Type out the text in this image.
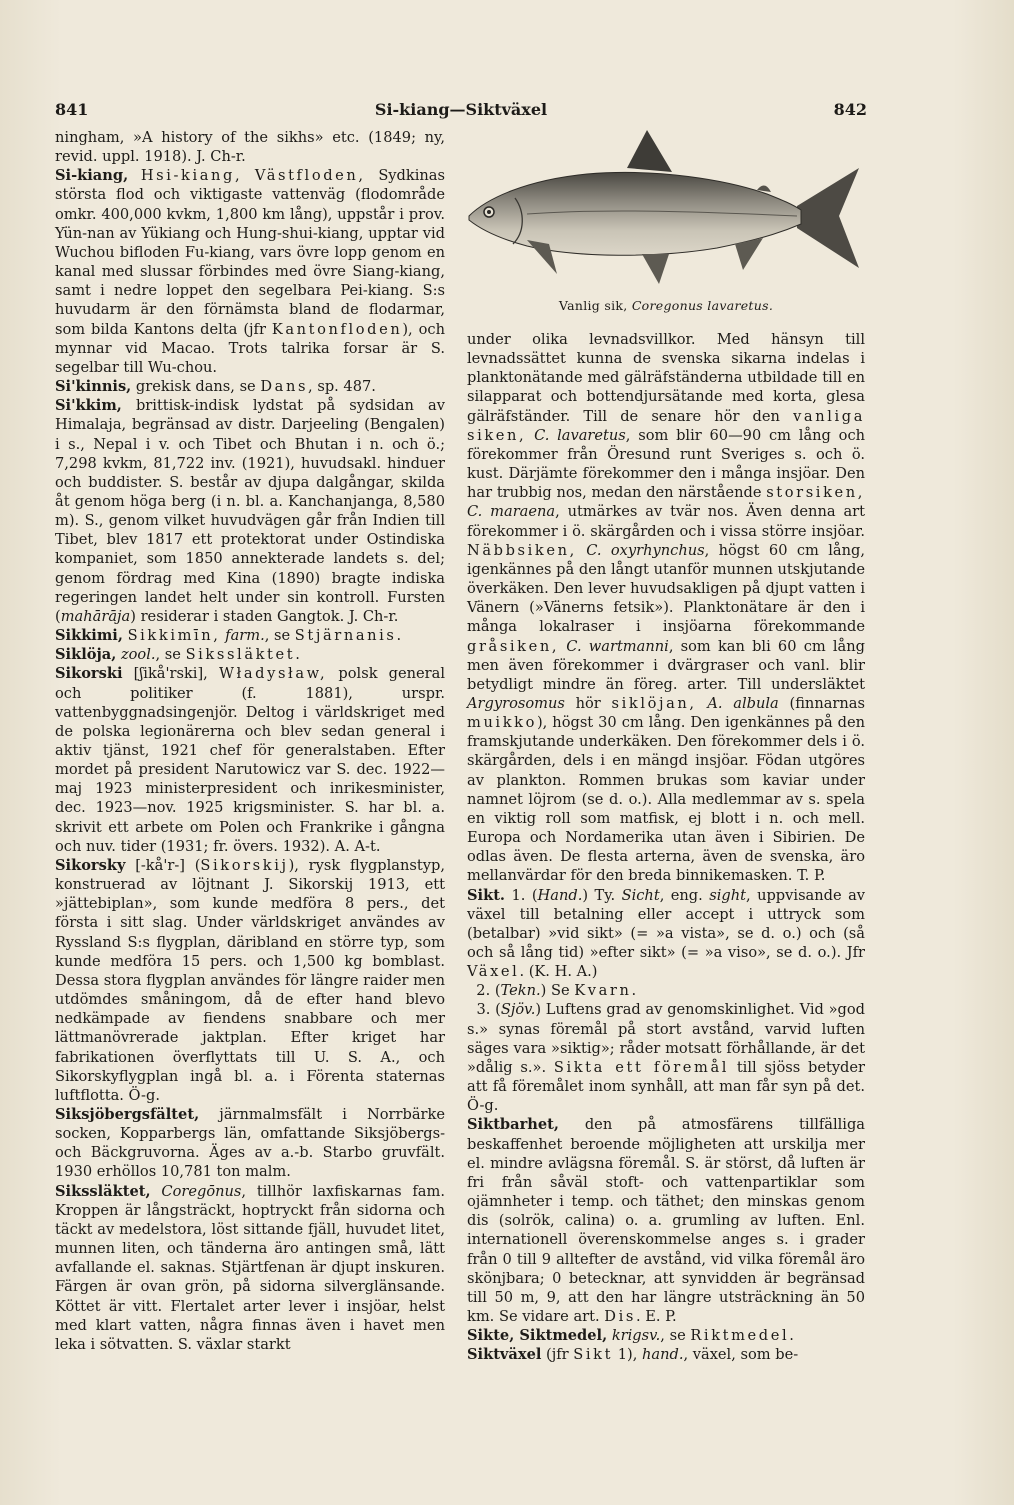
841	Si-kiang—Siktväxel	842

ningham, »A history of the sikhs» etc. (1849; ny, revid. uppl. 1918). J. Ch-r.

Si-kiang, Hsi-kiang, Västfloden, Sydkinas största flod och viktigaste vattenväg (flodområde omkr. 400,000 kvkm, 1,800 km lång), uppstår i prov. Yün-nan av Yükiang och Hung-shui-kiang, upptar vid Wuchou bifloden Fu-kiang, vars övre lopp genom en kanal med slussar förbindes med övre Siang-kiang, samt i nedre loppet den segelbara Pei-kiang. S:s huvudarm är den förnämsta bland de flodarmar, som bilda Kantons delta (jfr Kantonfloden), och mynnar vid Macao. Trots talrika forsar är S. segelbar till Wu-chou.

Si'kinnis, grekisk dans, se Dans, sp. 487.

Si'kkim, brittisk-indisk lydstat på sydsidan av Himalaja, begränsad av distr. Darjeeling (Bengalen) i s., Nepal i v. och Tibet och Bhutan i n. och ö.; 7,298 kvkm, 81,722 inv. (1921), huvudsakl. hinduer och buddister. S. består av djupa dalgångar, skilda åt genom höga berg (i n. bl. a. Kanchanjanga, 8,580 m). S., genom vilket huvudvägen går från Indien till Tibet, blev 1817 ett protektorat under Ostindiska kompaniet, som 1850 annekterade landets s. del; genom fördrag med Kina (1890) bragte indiska regeringen landet helt under sin kontroll. Fursten (mahārāja) residerar i staden Gangtok. J. Ch-r.

Sikkimi, Sikkimīn, farm., se Stjärnanis.

Siklöja, zool., se Sikssläktet.

Sikorski [ʃikå'rski], Władysław, polsk general och politiker (f. 1881), urspr. vattenbyggnadsingenjör. Deltog i världskriget med de polska legionärerna och blev sedan general i aktiv tjänst, 1921 chef för generalstaben. Efter mordet på president Narutowicz var S. dec. 1922—maj 1923 ministerpresident och inrikesminister, dec. 1923—nov. 1925 krigsminister. S. har bl. a. skrivit ett arbete om Polen och Frankrike i gångna och nuv. tider (1931; fr. övers. 1932). A. A-t.

Sikorsky [-kå'r-] (Sikorskij), rysk flygplanstyp, konstruerad av löjtnant J. Sikorskij 1913, ett »jättebiplan», som kunde medföra 8 pers., det första i sitt slag. Under världskriget användes av Ryssland S:s flygplan, däribland en större typ, som kunde medföra 15 pers. och 1,500 kg bomblast. Dessa stora flygplan användes för längre raider men utdömdes småningom, då de efter hand blevo nedkämpade av fiendens snabbare och mer lättmanövrerade jaktplan. Efter kriget har fabrikationen överflyttats till U. S. A., och Sikorskyflygplan ingå bl. a. i Förenta staternas luftflotta. Ö-g.

Siksjöbergsfältet, järnmalmsfält i Norrbärke socken, Kopparbergs län, omfattande Siksjöbergs- och Bäckgruvorna. Äges av a.-b. Starbo gruvfält. 1930 erhöllos 10,781 ton malm.

Sikssläktet, Coregōnus, tillhör laxfiskarnas fam. Kroppen är långsträckt, hoptryckt från sidorna och täckt av medelstora, löst sittande fjäll, huvudet litet, munnen liten, och tänderna äro antingen små, lätt avfallande el. saknas. Stjärtfenan är djupt inskuren. Färgen är ovan grön, på sidorna silverglänsande. Köttet är vitt. Flertalet arter lever i insjöar, helst med klart vatten, några finnas även i havet men leka i sötvatten. S. växlar starkt

Vanlig sik, Coregonus lavaretus.

under olika levnadsvillkor. Med hänsyn till levnadssättet kunna de svenska sikarna indelas i planktonätande med gälräfständerna utbildade till en silapparat och bottendjursätande med korta, glesa gälräfständer. Till de senare hör den vanliga siken, C. lavaretus, som blir 60—90 cm lång och förekommer från Öresund runt Sveriges s. och ö. kust. Därjämte förekommer den i många insjöar. Den har trubbig nos, medan den närstående storsiken, C. maraena, utmärkes av tvär nos. Även denna art förekommer i ö. skärgården och i vissa större insjöar. Näbbsiken, C. oxyrhynchus, högst 60 cm lång, igenkännes på den långt utanför munnen utskjutande överkäken. Den lever huvudsakligen på djupt vatten i Vänern (»Vänerns fetsik»). Planktonätare är den i många lokalraser i insjöarna förekommande gråsiken, C. wartmanni, som kan bli 60 cm lång men även förekommer i dvärgraser och vanl. blir betydligt mindre än föreg. arter. Till undersläktet Argyrosomus hör siklöjan, A. albula (finnarnas muikko), högst 30 cm lång. Den igenkännes på den framskjutande underkäken. Den förekommer dels i ö. skärgården, dels i en mängd insjöar. Födan utgöres av plankton. Rommen brukas som kaviar under namnet löjrom (se d. o.). Alla medlemmar av s. spela en viktig roll som matfisk, ej blott i n. och mell. Europa och Nordamerika utan även i Sibirien. De odlas även. De flesta arterna, även de svenska, äro mellanvärdar för den breda binnikemasken. T. P.

Sikt. 1. (Hand.) Ty. Sicht, eng. sight, uppvisande av växel till betalning eller accept i uttryck som (betalbar) »vid sikt» (= »a vista», se d. o.) och (så och så lång tid) »efter sikt» (= »a viso», se d. o.). Jfr Växel. (K. H. A.)

2. (Tekn.) Se Kvarn.

3. (Sjöv.) Luftens grad av genomskinlighet. Vid »god s.» synas föremål på stort avstånd, varvid luften säges vara »siktig»; råder motsatt förhållande, är det »dålig s.». Sikta ett föremål till sjöss betyder att få föremålet inom synhåll, att man får syn på det. Ö-g.

Siktbarhet, den på atmosfärens tillfälliga beskaffenhet beroende möjligheten att urskilja mer el. mindre avlägsna föremål. S. är störst, då luften är fri från såväl stoft- och vattenpartiklar som ojämnheter i temp. och täthet; den minskas genom dis (solrök, calina) o. a. grumling av luften. Enl. internationell överenskommelse anges s. i grader från 0 till 9 alltefter de avstånd, vid vilka föremål äro skönjbara; 0 betecknar, att synvidden är begränsad till 50 m, 9, att den har längre utsträckning än 50 km. Se vidare art. Dis. E. P.

Sikte, Siktmedel, krigsv., se Riktmedel.

Siktväxel (jfr Sikt 1), hand., växel, som be-
